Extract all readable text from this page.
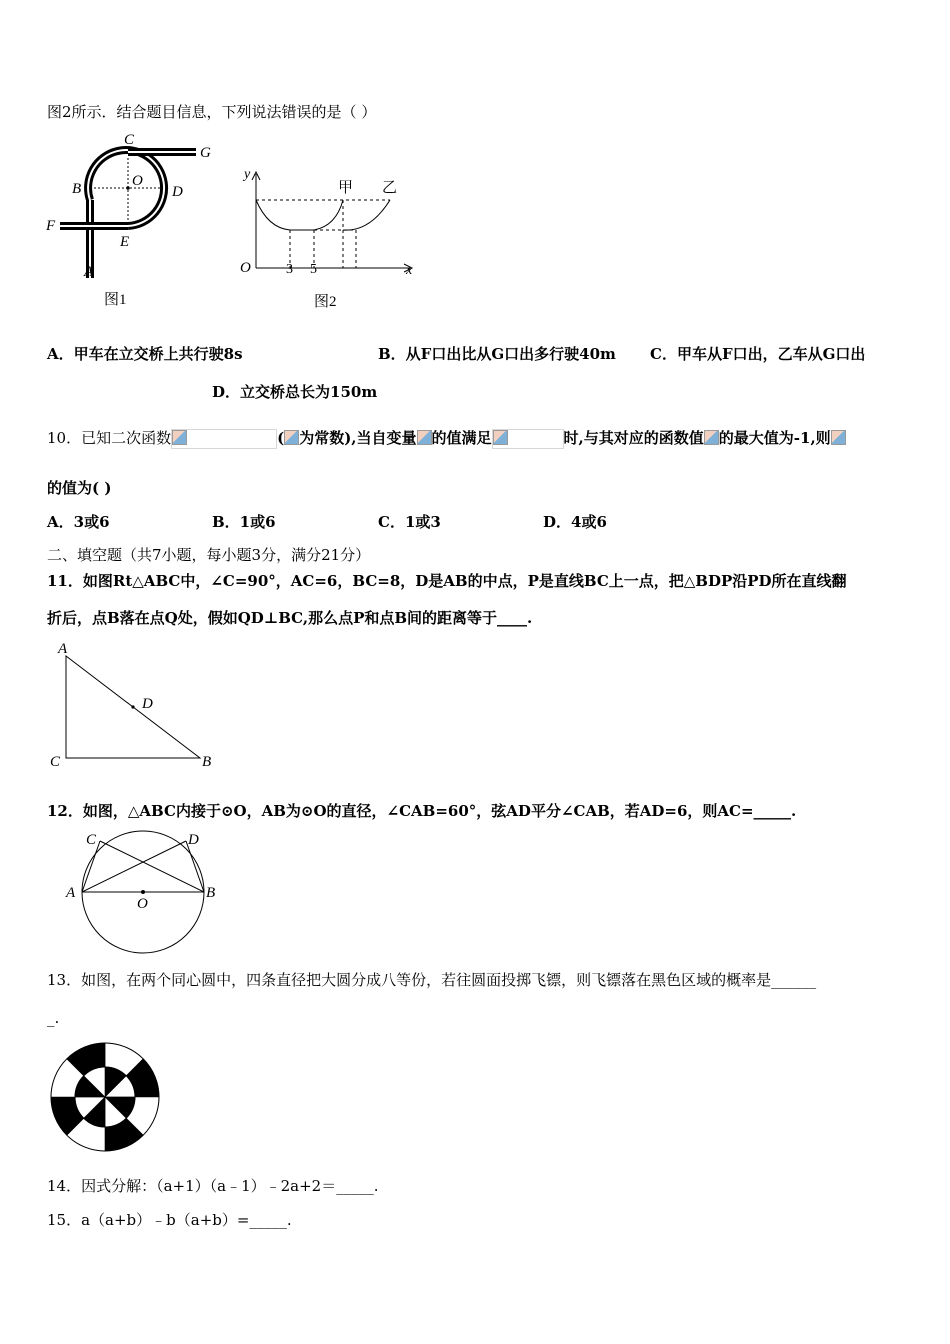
图2所示．结合题目信息，下列说法错误的是（ ）
C
G
B	O
D
F
E
A
图1
y
甲 乙
O	3 5	x
图2
A．甲车在立交桥上共行驶8s	B．从F口出比从G口出多行驶40m C．甲车从F口出，乙车从G口出
D．立交桥总长为150m
10．已知二次函数	( 为常数),当自变量 的值满足	时,与其对应的函数值 的最大值为-1,则
的值为( )
A．3或6	B．1或6	C．1或3	D．4或6
二、填空题（共7小题，每小题3分，满分21分）
11．如图Rt△ABC中，∠C=90°，AC=6，BC=8，D是AB的中点，P是直线BC上一点，把△BDP沿PD所在直线翻
折后，点B落在点Q处，假如QD⊥BC,那么点P和点B间的距离等于____.
A
D
C	B
12．如图，△ABC内接于⊙O，AB为⊙O的直径，∠CAB=60°，弦AD平分∠CAB，若AD=6，则AC=_____.
C	D
A
O
B
13．如图，在两个同心圆中，四条直径把大圆分成八等份，若往圆面投掷飞镖，则飞镖落在黑色区域的概率是______
_.
14．因式分解：（a+1）（a﹣1）﹣2a+2＝_____.
15．a（a+b）﹣b（a+b）=_____.
